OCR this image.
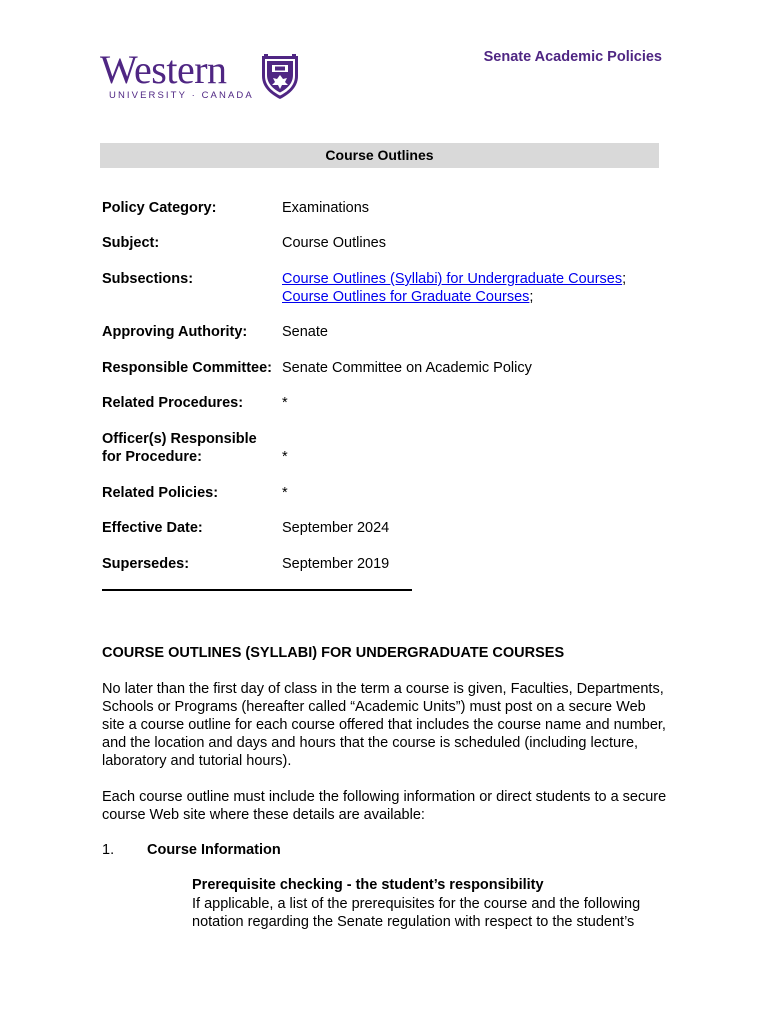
Western
UNIVERSITY · CANADA
Senate Academic Policies
Course Outlines
Policy Category:	Examinations
Subject:	Course Outlines
Subsections:	Course Outlines (Syllabi) for Undergraduate Courses;
Course Outlines for Graduate Courses;
Approving Authority:	Senate
Responsible Committee: Senate Committee on Academic Policy
Related Procedures:	*
Officer(s) Responsible
for Procedure:	*
Related Policies:	*
Effective Date:	September 2024
Supersedes:	September 2019
COURSE OUTLINES (SYLLABI) FOR UNDERGRADUATE COURSES
No later than the first day of class in the term a course is given, Faculties, Departments, Schools or Programs (hereafter called “Academic Units”) must post on a secure Web site a course outline for each course offered that includes the course name and number, and the location and days and hours that the course is scheduled (including lecture, laboratory and tutorial hours).
Each course outline must include the following information or direct students to a secure course Web site where these details are available:
1. Course Information
Prerequisite checking - the student’s responsibility
If applicable, a list of the prerequisites for the course and the following notation regarding the Senate regulation with respect to the student’s
